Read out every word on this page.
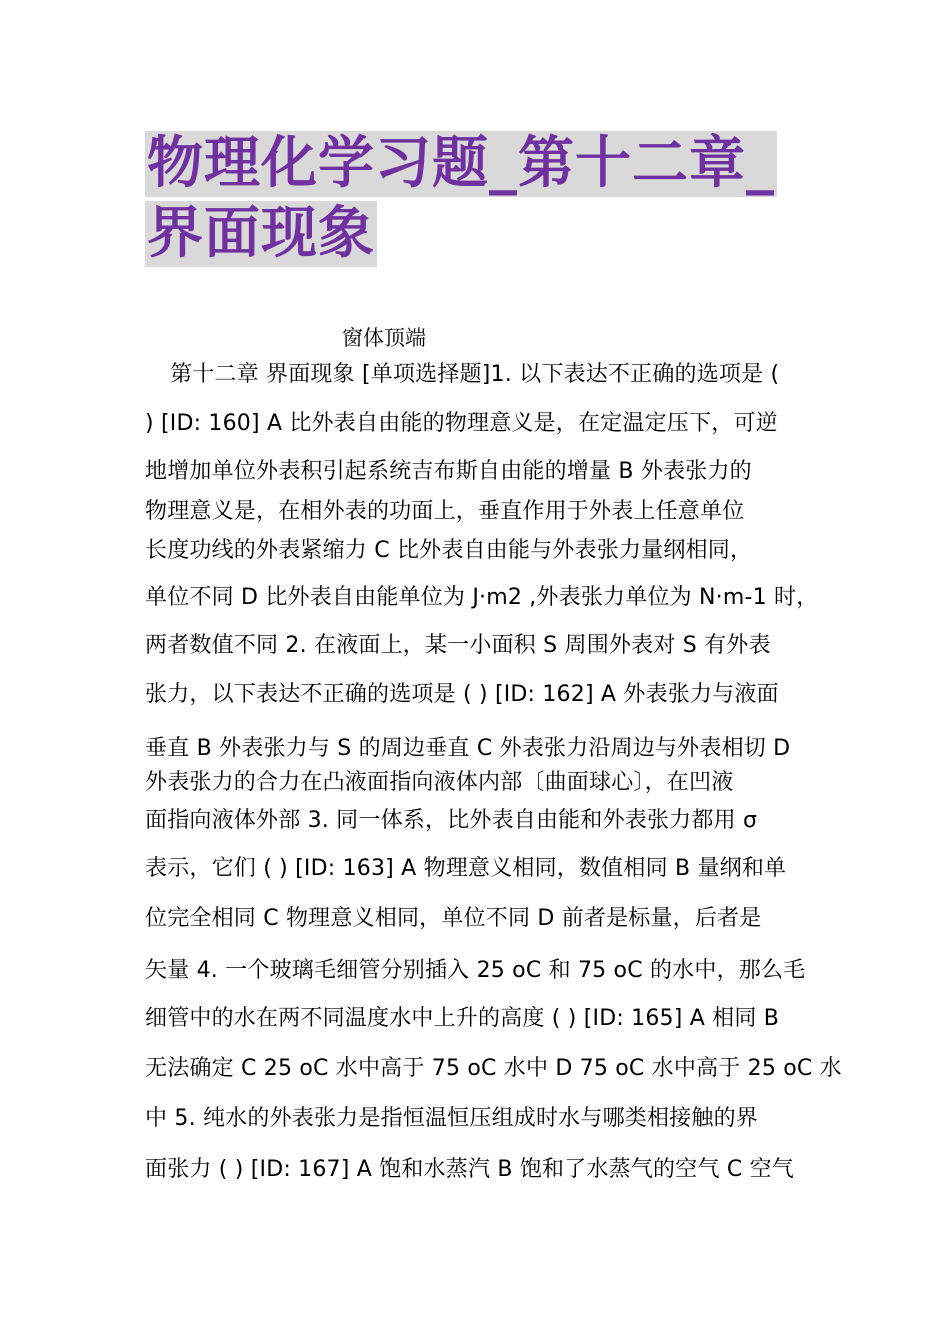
物理化学习题_第十二章_
界面现象
窗体顶端
第十二章 界面现象 [单项选择题]1. 以下表达不正确的选项是 (
) [ID: 160] A 比外表自由能的物理意义是，在定温定压下，可逆
地增加单位外表积引起系统吉布斯自由能的增量 B 外表张力的
物理意义是，在相外表的功面上，垂直作用于外表上任意单位
长度功线的外表紧缩力 C 比外表自由能与外表张力量纲相同，
单位不同 D 比外表自由能单位为 J·m2 ,外表张力单位为 N·m-1 时，
两者数值不同 2. 在液面上，某一小面积 S 周围外表对 S 有外表
张力，以下表达不正确的选项是 ( ) [ID: 162] A 外表张力与液面
垂直 B 外表张力与 S 的周边垂直 C 外表张力沿周边与外表相切 D
外表张力的合力在凸液面指向液体内部〔曲面球心〕，在凹液
面指向液体外部 3. 同一体系，比外表自由能和外表张力都用 σ
表示，它们 ( ) [ID: 163] A 物理意义相同，数值相同 B 量纲和单
位完全相同 C 物理意义相同，单位不同 D 前者是标量，后者是
矢量 4. 一个玻璃毛细管分别插入 25 oC 和 75 oC 的水中，那么毛
细管中的水在两不同温度水中上升的高度 ( ) [ID: 165] A 相同 B
无法确定 C 25 oC 水中高于 75 oC 水中 D 75 oC 水中高于 25 oC 水
中 5. 纯水的外表张力是指恒温恒压组成时水与哪类相接触的界
面张力 ( ) [ID: 167] A 饱和水蒸汽 B 饱和了水蒸气的空气 C 空气
